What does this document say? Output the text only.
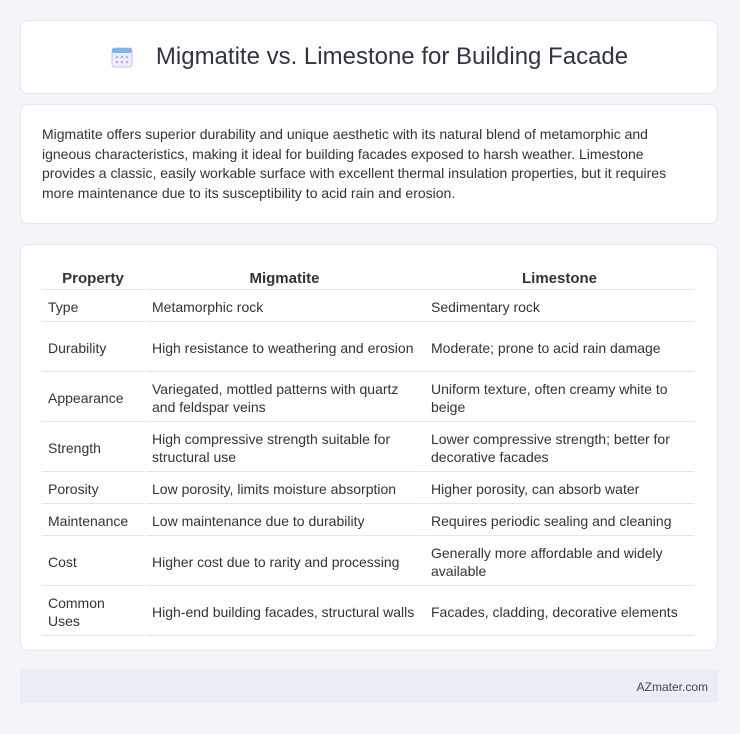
Migmatite vs. Limestone for Building Facade

Migmatite offers superior durability and unique aesthetic with its natural blend of metamorphic and igneous characteristics, making it ideal for building facades exposed to harsh weather. Limestone provides a classic, easily workable surface with excellent thermal insulation properties, but it requires more maintenance due to its susceptibility to acid rain and erosion.

Property	Migmatite	Limestone
Type	Metamorphic rock	Sedimentary rock
Durability	High resistance to weathering and erosion	Moderate; prone to acid rain damage
Appearance	Variegated, mottled patterns with quartz and feldspar veins	Uniform texture, often creamy white to beige
Strength	High compressive strength suitable for structural use	Lower compressive strength; better for decorative facades
Porosity	Low porosity, limits moisture absorption	Higher porosity, can absorb water
Maintenance	Low maintenance due to durability	Requires periodic sealing and cleaning
Cost	Higher cost due to rarity and processing	Generally more affordable and widely available
Common Uses	High-end building facades, structural walls	Facades, cladding, decorative elements
AZmater.com
